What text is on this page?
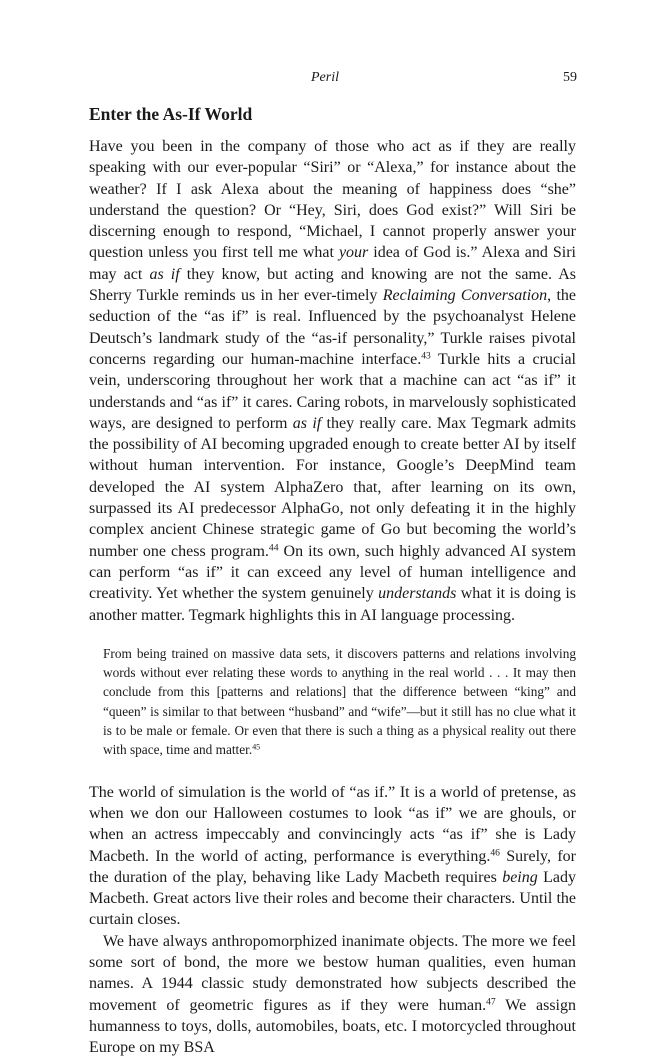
Peril	59
Enter the As-If World

Have you been in the company of those who act as if they are really speaking with our ever-popular “Siri” or “Alexa,” for instance about the weather? If I ask Alexa about the meaning of happiness does “she” understand the question? Or “Hey, Siri, does God exist?” Will Siri be discerning enough to respond, “Michael, I cannot properly answer your question unless you first tell me what your idea of God is.” Alexa and Siri may act as if they know, but acting and knowing are not the same. As Sherry Turkle reminds us in her ever-timely Reclaiming Conversation, the seduction of the “as if” is real. Influenced by the psychoanalyst Helene Deutsch’s landmark study of the “as-if personality,” Turkle raises pivotal concerns regarding our human-machine interface.$^{43}$ Turkle hits a crucial vein, underscoring throughout her work that a machine can act “as if” it understands and “as if” it cares. Caring robots, in marvelously sophisticated ways, are designed to perform as if they really care. Max Tegmark admits the possibility of AI becoming upgraded enough to create better AI by itself without human intervention. For instance, Google’s DeepMind team developed the AI system AlphaZero that, after learning on its own, surpassed its AI predecessor AlphaGo, not only defeating it in the highly complex ancient Chinese strategic game of Go but becoming the world’s number one chess program.$^{44}$ On its own, such highly advanced AI system can perform “as if” it can exceed any level of human intelligence and creativity. Yet whether the system genuinely understands what it is doing is another matter. Tegmark highlights this in AI language processing.

From being trained on massive data sets, it discovers patterns and relations involving words without ever relating these words to anything in the real world . . . It may then conclude from this [patterns and relations] that the difference between “king” and “queen” is similar to that between “husband” and “wife”—but it still has no clue what it is to be male or female. Or even that there is such a thing as a physical reality out there with space, time and matter.$^{45}$

The world of simulation is the world of “as if.” It is a world of pretense, as when we don our Halloween costumes to look “as if” we are ghouls, or when an actress impeccably and convincingly acts “as if” she is Lady Macbeth. In the world of acting, performance is everything.$^{46}$ Surely, for the duration of the play, behaving like Lady Macbeth requires being Lady Macbeth. Great actors live their roles and become their characters. Until the curtain closes.

We have always anthropomorphized inanimate objects. The more we feel some sort of bond, the more we bestow human qualities, even human names. A 1944 classic study demonstrated how subjects described the movement of geometric figures as if they were human.$^{47}$ We assign humanness to toys, dolls, automobiles, boats, etc. I motorcycled throughout Europe on my BSA
